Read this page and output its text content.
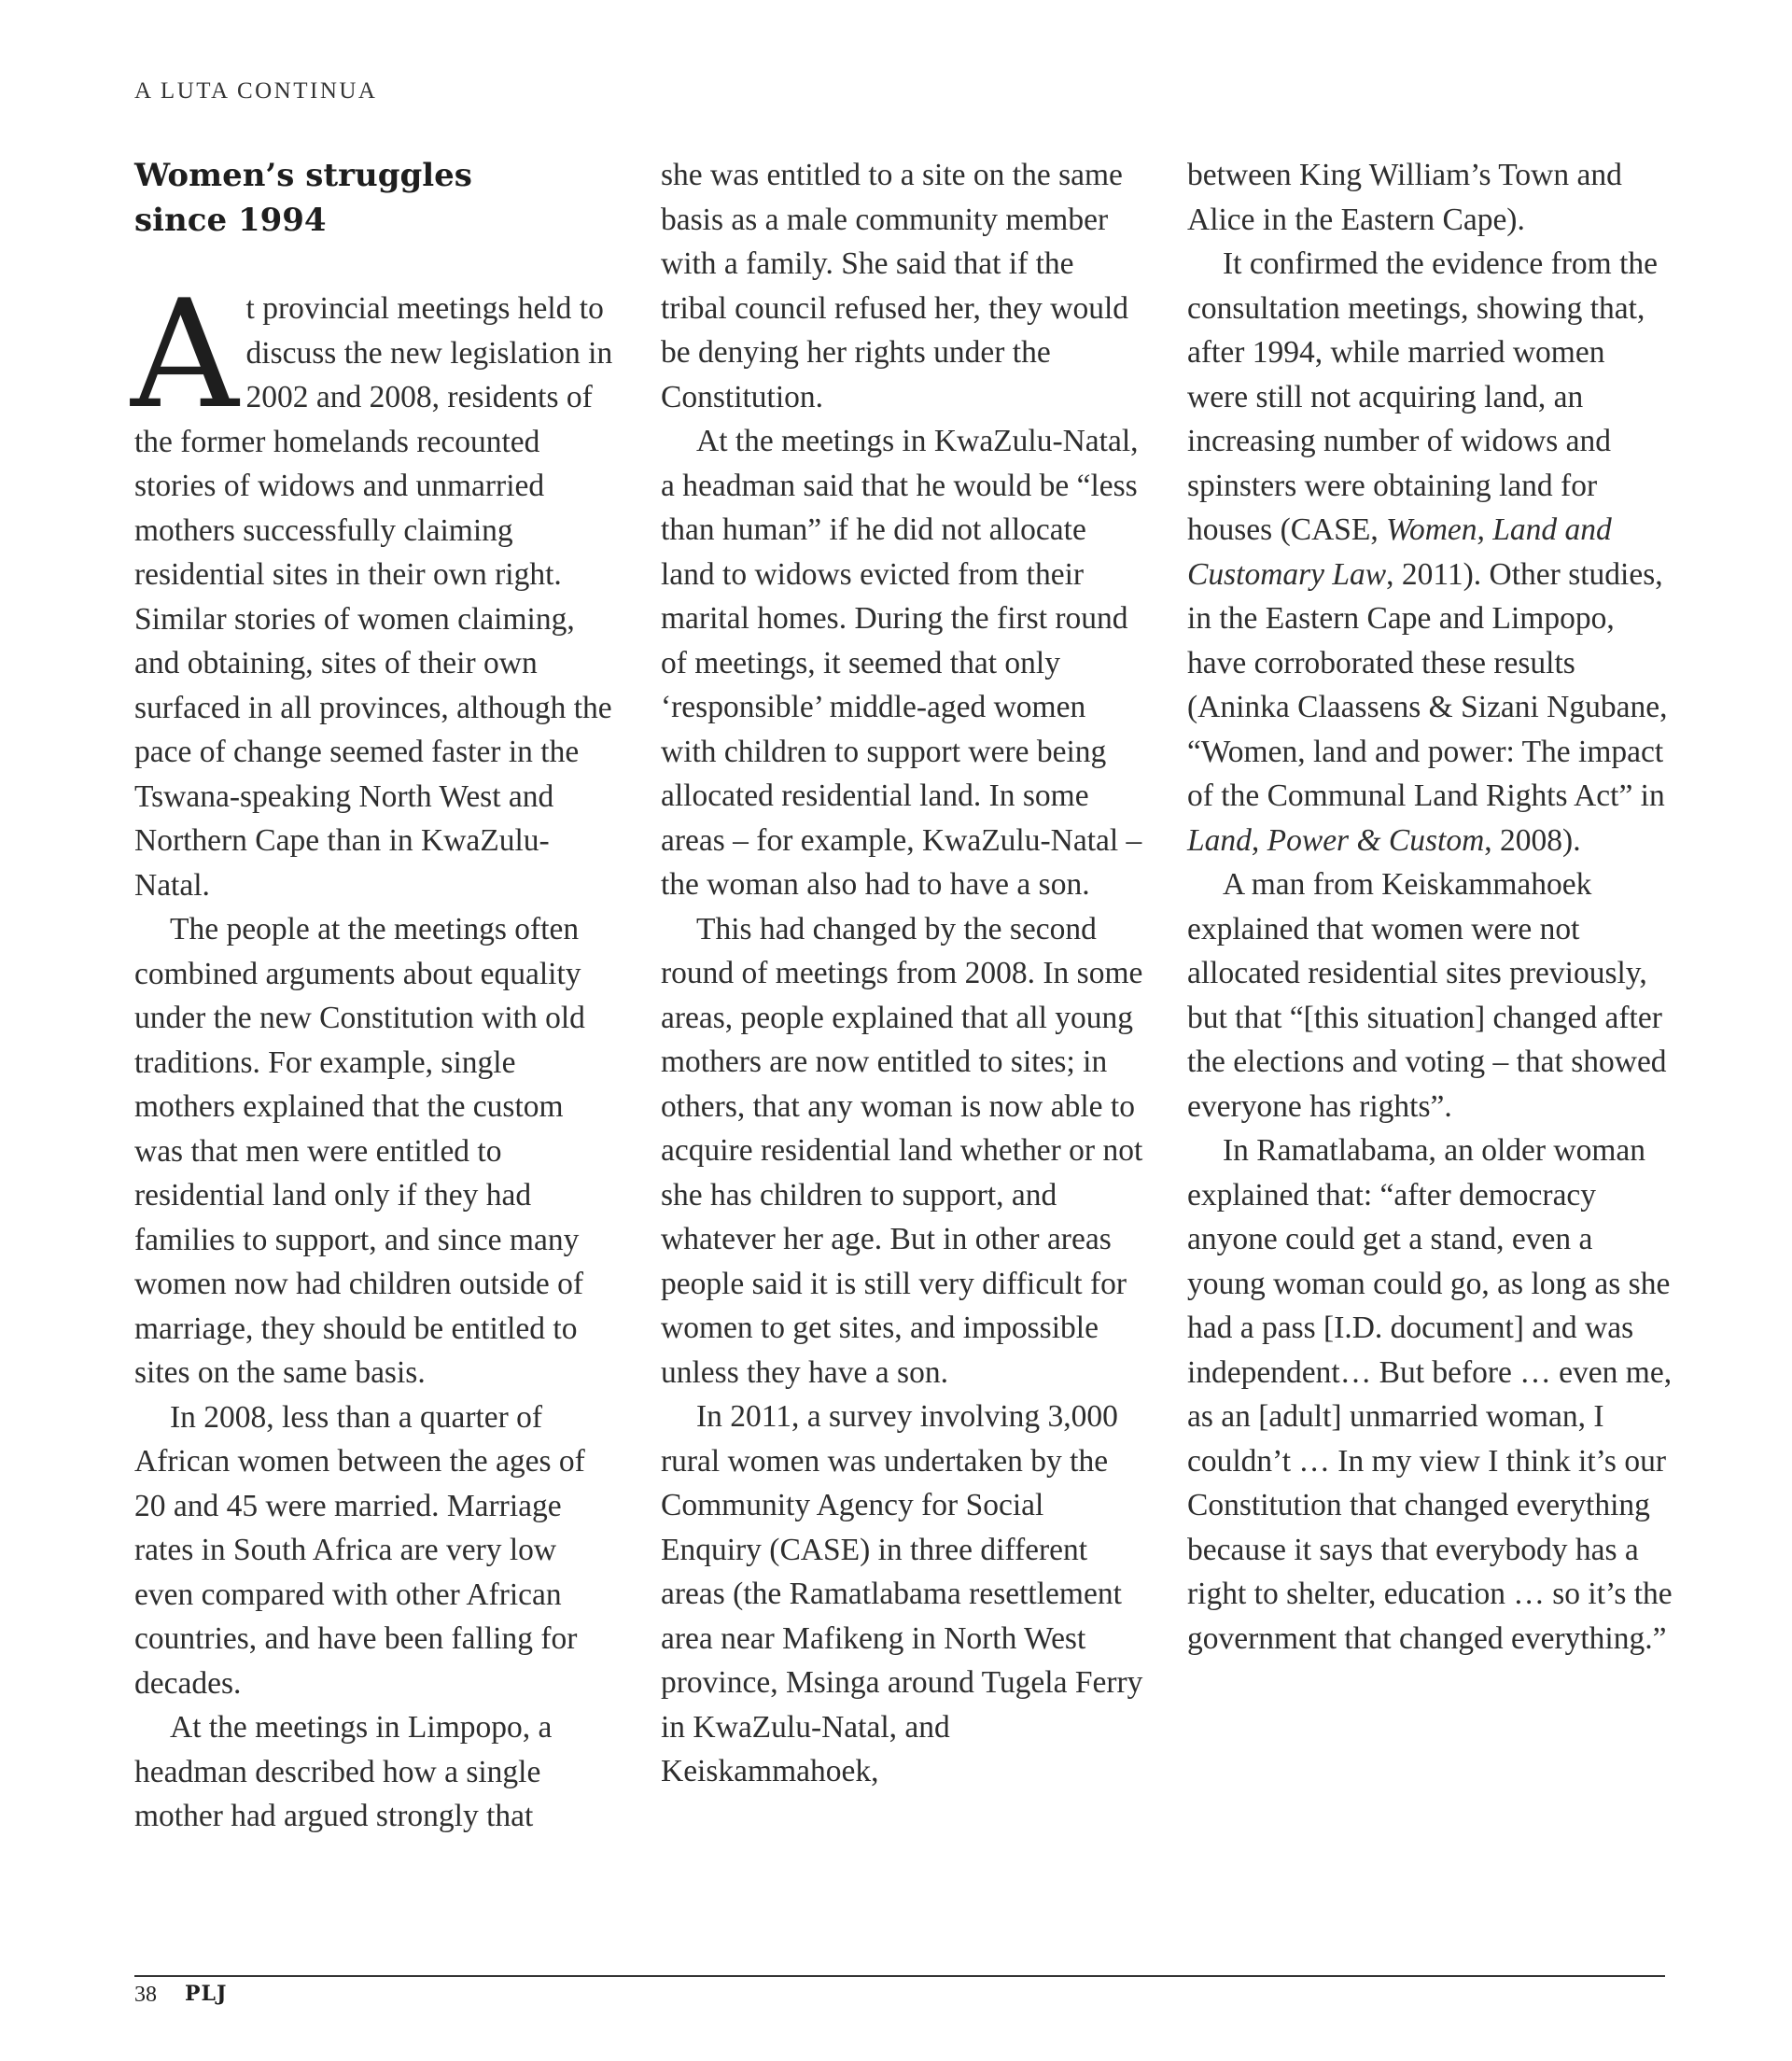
A LUTA CONTINUA
Women’s struggles
since 1994

At provincial meetings held to discuss the new legislation in 2002 and 2008, residents of the former homelands recounted stories of widows and unmarried mothers successfully claiming residential sites in their own right. Similar stories of women claiming, and obtaining, sites of their own surfaced in all provinces, although the pace of change seemed faster in the Tswana-speaking North West and Northern Cape than in KwaZulu-Natal.

The people at the meetings often combined arguments about equality under the new Constitution with old traditions. For example, single mothers explained that the custom was that men were entitled to residential land only if they had families to support, and since many women now had children outside of marriage, they should be entitled to sites on the same basis.

In 2008, less than a quarter of African women between the ages of 20 and 45 were married. Marriage rates in South Africa are very low even compared with other African countries, and have been falling for decades.

At the meetings in Limpopo, a headman described how a single mother had argued strongly that

she was entitled to a site on the same basis as a male community member with a family. She said that if the tribal council refused her, they would be denying her rights under the Constitution.

At the meetings in KwaZulu-Natal, a headman said that he would be “less than human” if he did not allocate land to widows evicted from their marital homes. During the first round of meetings, it seemed that only ‘responsible’ middle-aged women with children to support were being allocated residential land. In some areas – for example, KwaZulu-Natal – the woman also had to have a son.

This had changed by the second round of meetings from 2008. In some areas, people explained that all young mothers are now entitled to sites; in others, that any woman is now able to acquire residential land whether or not she has children to support, and whatever her age. But in other areas people said it is still very difficult for women to get sites, and impossible unless they have a son.

In 2011, a survey involving 3,000 rural women was undertaken by the Community Agency for Social Enquiry (CASE) in three different areas (the Ramatlabama resettlement area near Mafikeng in North West province, Msinga around Tugela Ferry in KwaZulu-Natal, and Keiskammahoek,

between King William’s Town and Alice in the Eastern Cape).

It confirmed the evidence from the consultation meetings, showing that, after 1994, while married women were still not acquiring land, an increasing number of widows and spinsters were obtaining land for houses (CASE, Women, Land and Customary Law, 2011). Other studies, in the Eastern Cape and Limpopo, have corroborated these results (Aninka Claassens & Sizani Ngubane, “Women, land and power: The impact of the Communal Land Rights Act” in Land, Power & Custom, 2008).

A man from Keiskammahoek explained that women were not allocated residential sites previously, but that “[this situation] changed after the elections and voting – that showed everyone has rights”.

In Ramatlabama, an older woman explained that: “after democracy anyone could get a stand, even a young woman could go, as long as she had a pass [I.D. document] and was independent… But before … even me, as an [adult] unmarried woman, I couldn’t … In my view I think it’s our Constitution that changed everything because it says that everybody has a right to shelter, education … so it’s the government that changed everything.”

38 PLJ
